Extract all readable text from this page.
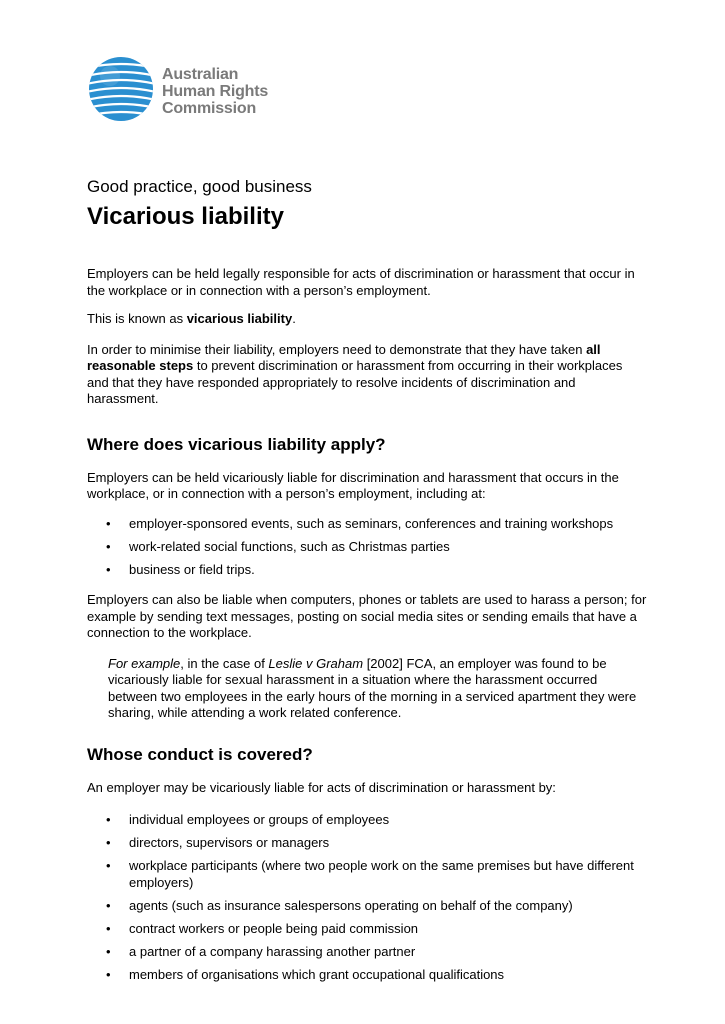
Australian
Human Rights
Commission
Good practice, good business
Vicarious liability

Employers can be held legally responsible for acts of discrimination or harassment that occur in the workplace or in connection with a person’s employment.

This is known as vicarious liability.

In order to minimise their liability, employers need to demonstrate that they have taken all reasonable steps to prevent discrimination or harassment from occurring in their workplaces and that they have responded appropriately to resolve incidents of discrimination and harassment.

Where does vicarious liability apply?

Employers can be held vicariously liable for discrimination and harassment that occurs in the workplace, or in connection with a person’s employment, including at:

• employer-sponsored events, such as seminars, conferences and training workshops
• work-related social functions, such as Christmas parties
• business or field trips.

Employers can also be liable when computers, phones or tablets are used to harass a person; for example by sending text messages, posting on social media sites or sending emails that have a connection to the workplace.

For example, in the case of Leslie v Graham [2002] FCA, an employer was found to be vicariously liable for sexual harassment in a situation where the harassment occurred between two employees in the early hours of the morning in a serviced apartment they were sharing, while attending a work related conference.

Whose conduct is covered?

An employer may be vicariously liable for acts of discrimination or harassment by:

• individual employees or groups of employees
• directors, supervisors or managers
• workplace participants (where two people work on the same premises but have different employers)
• agents (such as insurance salespersons operating on behalf of the company)
• contract workers or people being paid commission
• a partner of a company harassing another partner
• members of organisations which grant occupational qualifications
